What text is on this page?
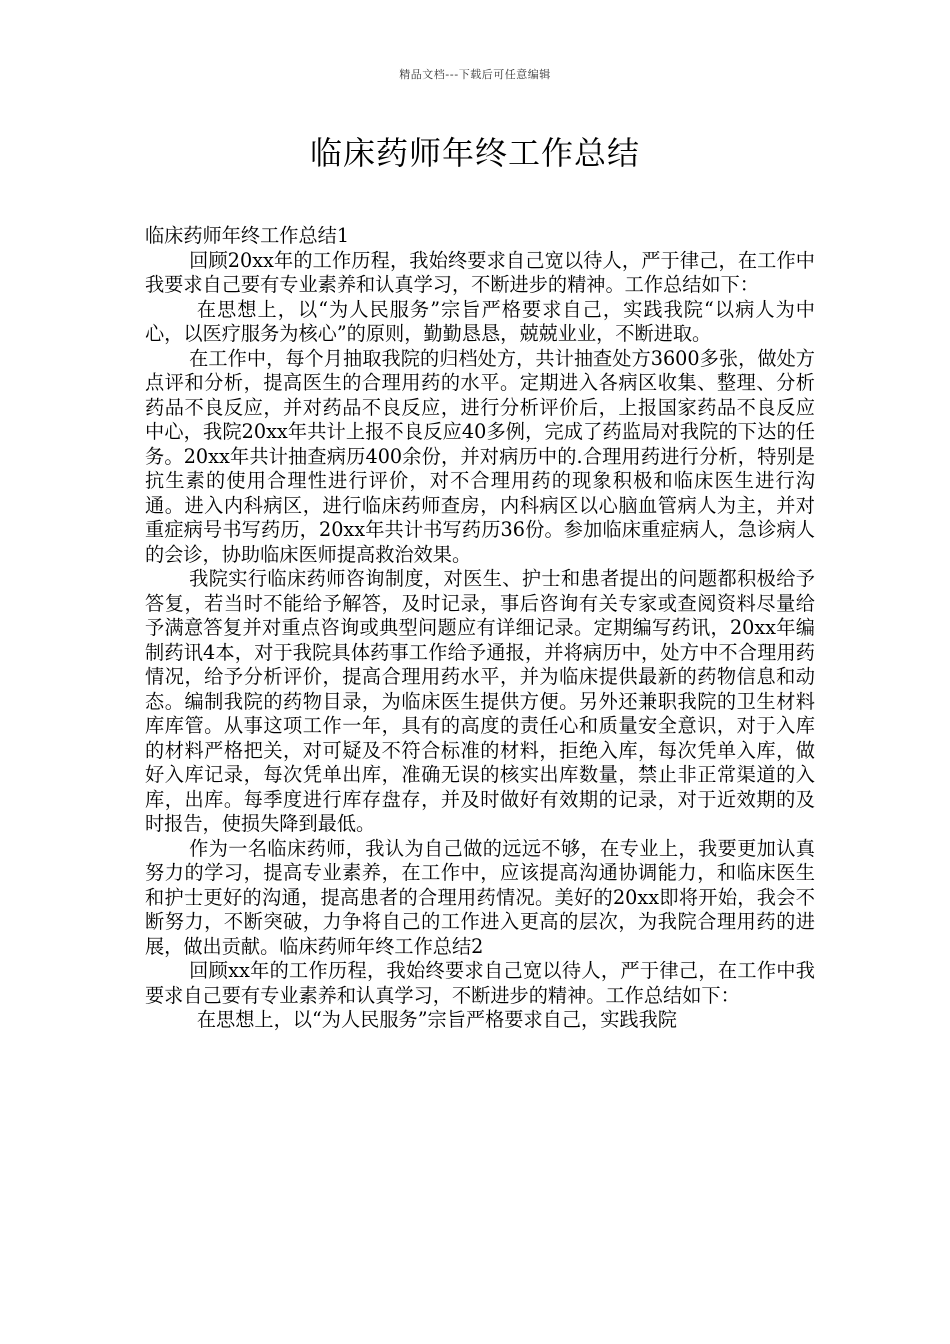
精品文档---下载后可任意编辑
临床药师年终工作总结

临床药师年终工作总结1

回顾20xx年的工作历程，我始终要求自己宽以待人，严于律己，在工作中我要求自己要有专业素养和认真学习，不断进步的精神。工作总结如下：

在思想上，以“为人民服务”宗旨严格要求自己，实践我院“以病人为中心，以医疗服务为核心”的原则，勤勤恳恳，兢兢业业，不断进取。

在工作中，每个月抽取我院的归档处方，共计抽查处方3600多张，做处方点评和分析，提高医生的合理用药的水平。定期进入各病区收集、整理、分析药品不良反应，并对药品不良反应，进行分析评价后，上报国家药品不良反应中心，我院20xx年共计上报不良反应40多例，完成了药监局对我院的下达的任务。20xx年共计抽查病历400余份，并对病历中的.合理用药进行分析，特别是抗生素的使用合理性进行评价，对不合理用药的现象积极和临床医生进行沟通。进入内科病区，进行临床药师查房，内科病区以心脑血管病人为主，并对重症病号书写药历，20xx年共计书写药历36份。参加临床重症病人，急诊病人的会诊，协助临床医师提高救治效果。

我院实行临床药师咨询制度，对医生、护士和患者提出的问题都积极给予答复，若当时不能给予解答，及时记录，事后咨询有关专家或查阅资料尽量给予满意答复并对重点咨询或典型问题应有详细记录。定期编写药讯，20xx年编制药讯4本，对于我院具体药事工作给予通报，并将病历中，处方中不合理用药情况，给予分析评价，提高合理用药水平，并为临床提供最新的药物信息和动态。编制我院的药物目录，为临床医生提供方便。另外还兼职我院的卫生材料库库管。从事这项工作一年，具有的高度的责任心和质量安全意识，对于入库的材料严格把关，对可疑及不符合标准的材料，拒绝入库，每次凭单入库，做好入库记录，每次凭单出库，准确无误的核实出库数量，禁止非正常渠道的入库，出库。每季度进行库存盘存，并及时做好有效期的记录，对于近效期的及时报告，使损失降到最低。

作为一名临床药师，我认为自己做的远远不够，在专业上，我要更加认真努力的学习，提高专业素养，在工作中，应该提高沟通协调能力，和临床医生和护士更好的沟通，提高患者的合理用药情况。美好的20xx即将开始，我会不断努力，不断突破，力争将自己的工作进入更高的层次，为我院合理用药的进展，做出贡献。临床药师年终工作总结2

回顾xx年的工作历程，我始终要求自己宽以待人，严于律己，在工作中我要求自己要有专业素养和认真学习，不断进步的精神。工作总结如下：

在思想上，以“为人民服务”宗旨严格要求自己，实践我院
